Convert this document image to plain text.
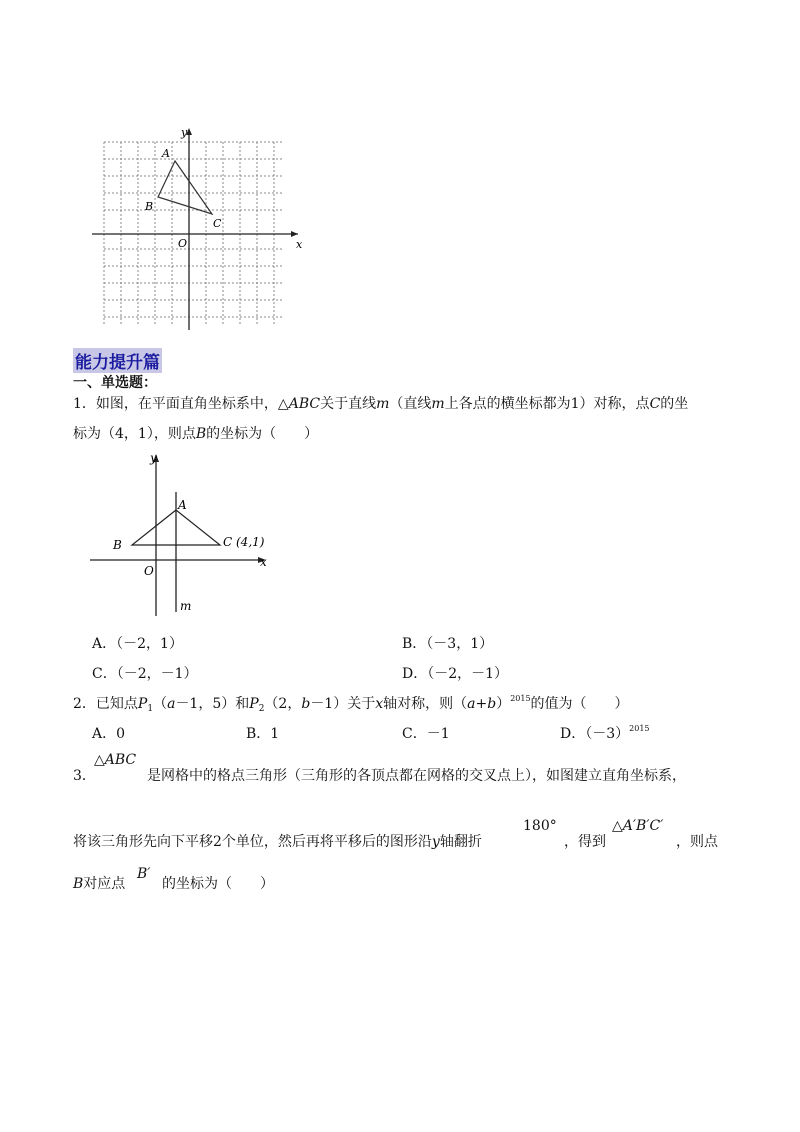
y
x
O
A
B
C
能力提升篇
一、单选题：
1．如图，在平面直角坐标系中，△ABC关于直线m（直线m上各点的横坐标都为1）对称，点C的坐
标为（4，1），则点B的坐标为（　　）
y
x
O
A
B	C (4,1)
m
A．（－2，1）	B．（－3，1）
C．（－2，－1）	D．（－2，－1）
2．已知点$P_1(a-1$，5）和$P_2(2$，b－1）关于x轴对称，则$(a+b)^{2015}$的值为（　　）
A．0	B．1	C．－1	D．$(-3)^{2015}$
△ABC
3．	是网格中的格点三角形（三角形的各顶点都在网格的交叉点上），如图建立直角坐标系，
180°	△A′B′C′
将该三角形先向下平移2个单位，然后再将平移后的图形沿y轴翻折	，得到	，则点
B对应点
B′
的坐标为（　　）
